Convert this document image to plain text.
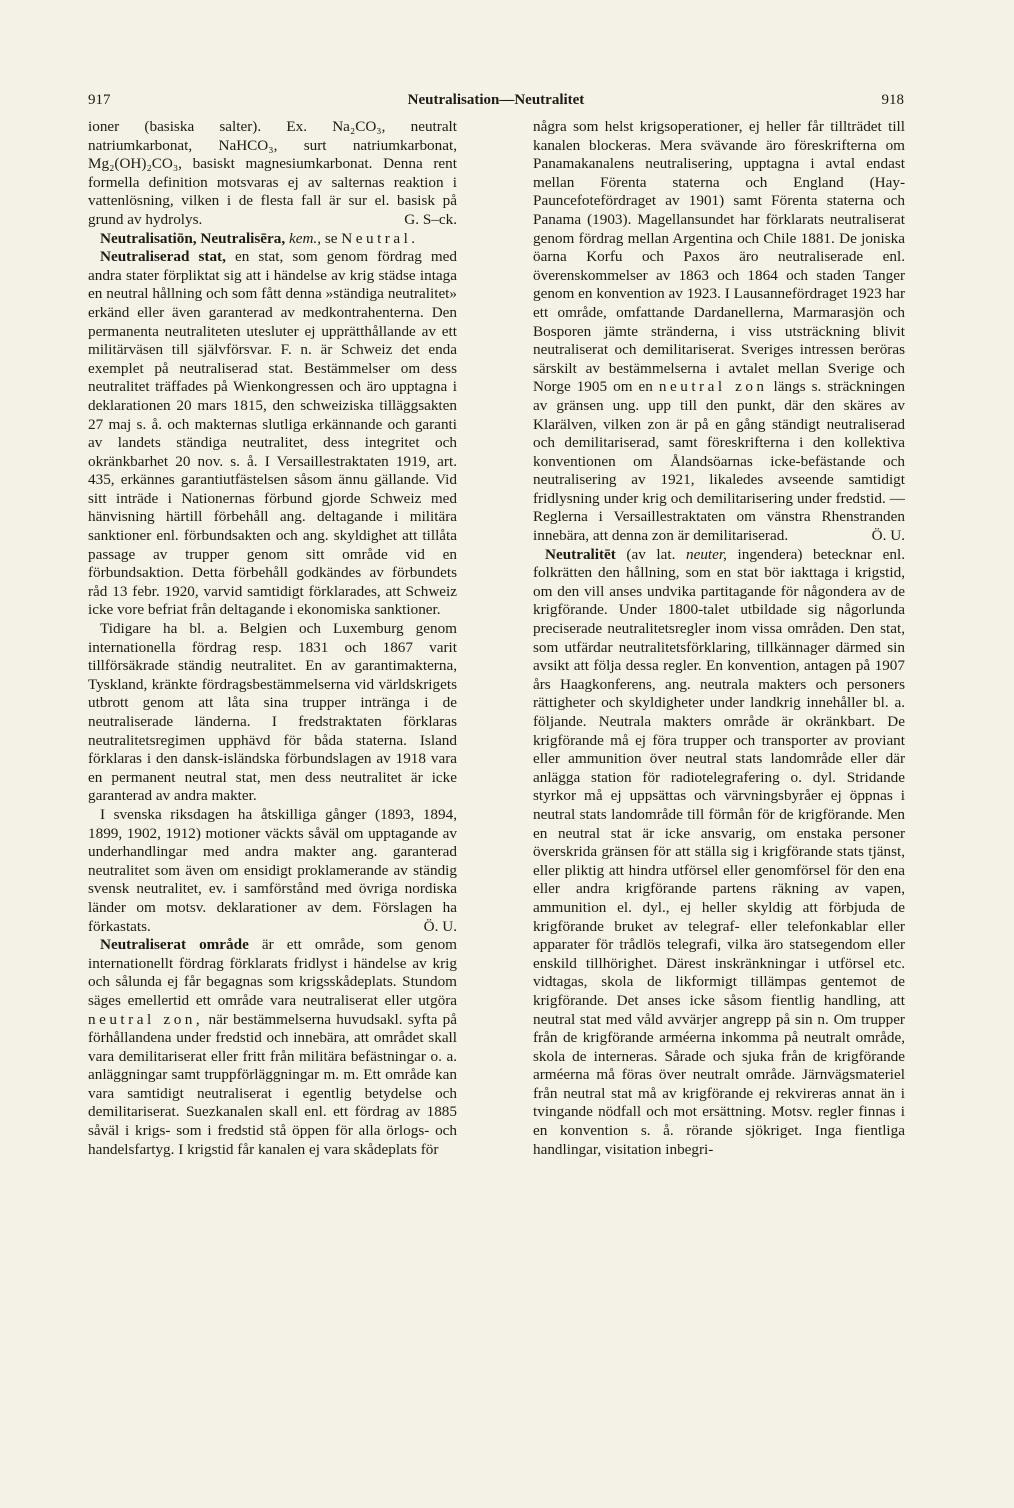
917	Neutralisation—Neutralitet	918

ioner (basiska salter). Ex. Na₂CO₃, neutralt natriumkarbonat, NaHCO₃, surt natriumkarbonat, Mg₂(OH)₂CO₃, basiskt magnesiumkarbonat. Denna rent formella definition motsvaras ej av salternas reaktion i vattenlösning, vilken i de flesta fall är sur el. basisk på grund av hydrolys.	G. S–ck.

Neutralisatiōn, Neutralisēra, kem., se Neutral.

Neutraliserad stat, en stat, som genom fördrag med andra stater förpliktat sig att i händelse av krig städse intaga en neutral hållning och som fått denna »ständiga neutralitet» erkänd eller även garanterad av medkontrahenterna. Den permanenta neutraliteten utesluter ej upprätthållande av ett militärväsen till självförsvar. F. n. är Schweiz det enda exemplet på neutraliserad stat. Bestämmelser om dess neutralitet träffades på Wienkongressen och äro upptagna i deklarationen 20 mars 1815, den schweiziska tilläggsakten 27 maj s. å. och makternas slutliga erkännande och garanti av landets ständiga neutralitet, dess integritet och okränkbarhet 20 nov. s. å. I Versaillestraktaten 1919, art. 435, erkännes garantiutfästelsen såsom ännu gällande. Vid sitt inträde i Nationernas förbund gjorde Schweiz med hänvisning härtill förbehåll ang. deltagande i militära sanktioner enl. förbundsakten och ang. skyldighet att tillåta passage av trupper genom sitt område vid en förbundsaktion. Detta förbehåll godkändes av förbundets råd 13 febr. 1920, varvid samtidigt förklarades, att Schweiz icke vore befriat från deltagande i ekonomiska sanktioner.

Tidigare ha bl. a. Belgien och Luxemburg genom internationella fördrag resp. 1831 och 1867 varit tillförsäkrade ständig neutralitet. En av garantimakterna, Tyskland, kränkte fördragsbestämmelserna vid världskrigets utbrott genom att låta sina trupper intränga i de neutraliserade länderna. I fredstraktaten förklaras neutralitetsregimen upphävd för båda staterna. Island förklaras i den dansk-isländska förbundslagen av 1918 vara en permanent neutral stat, men dess neutralitet är icke garanterad av andra makter.

I svenska riksdagen ha åtskilliga gånger (1893, 1894, 1899, 1902, 1912) motioner väckts såväl om upptagande av underhandlingar med andra makter ang. garanterad neutralitet som även om ensidigt proklamerande av ständig svensk neutralitet, ev. i samförstånd med övriga nordiska länder om motsv. deklarationer av dem. Förslagen ha förkastats.	Ö. U.

Neutraliserat område är ett område, som genom internationellt fördrag förklarats fridlyst i händelse av krig och sålunda ej får begagnas som krigsskådeplats. Stundom säges emellertid ett område vara neutraliserat eller utgöra neutral zon, när bestämmelserna huvudsakl. syfta på förhållandena under fredstid och innebära, att området skall vara demilitariserat eller fritt från militära befästningar o. a. anläggningar samt truppförläggningar m. m. Ett område kan vara samtidigt neutraliserat i egentlig betydelse och demilitariserat. Suezkanalen skall enl. ett fördrag av 1885 såväl i krigs- som i fredstid stå öppen för alla örlogs- och handelsfartyg. I krigstid får kanalen ej vara skådeplats för

några som helst krigsoperationer, ej heller får tillträdet till kanalen blockeras. Mera svävande äro föreskrifterna om Panamakanalens neutralisering, upptagna i avtal endast mellan Förenta staterna och England (Hay-Pauncefotefördraget av 1901) samt Förenta staterna och Panama (1903). Magellansundet har förklarats neutraliserat genom fördrag mellan Argentina och Chile 1881. De joniska öarna Korfu och Paxos äro neutraliserade enl. överenskommelser av 1863 och 1864 och staden Tanger genom en konvention av 1923. I Lausannefördraget 1923 har ett område, omfattande Dardanellerna, Marmarasjön och Bosporen jämte stränderna, i viss utsträckning blivit neutraliserat och demilitariserat. Sveriges intressen beröras särskilt av bestämmelserna i avtalet mellan Sverige och Norge 1905 om en neutral zon längs s. sträckningen av gränsen ung. upp till den punkt, där den skäres av Klarälven, vilken zon är på en gång ständigt neutraliserad och demilitariserad, samt föreskrifterna i den kollektiva konventionen om Ålandsöarnas icke-befästande och neutralisering av 1921, likaledes avseende samtidigt fridlysning under krig och demilitarisering under fredstid. — Reglerna i Versaillestraktaten om vänstra Rhenstranden innebära, att denna zon är demilitariserad.	Ö. U.

Neutralitēt (av lat. neuter, ingendera) betecknar enl. folkrätten den hållning, som en stat bör iakttaga i krigstid, om den vill anses undvika partitagande för någondera av de krigförande. Under 1800-talet utbildade sig någorlunda preciserade neutralitetsregler inom vissa områden. Den stat, som utfärdar neutralitetsförklaring, tillkännager därmed sin avsikt att följa dessa regler. En konvention, antagen på 1907 års Haagkonferens, ang. neutrala makters och personers rättigheter och skyldigheter under landkrig innehåller bl. a. följande. Neutrala makters område är okränkbart. De krigförande må ej föra trupper och transporter av proviant eller ammunition över neutral stats landområde eller där anlägga station för radiotelegrafering o. dyl. Stridande styrkor må ej uppsättas och värvningsbyråer ej öppnas i neutral stats landområde till förmån för de krigförande. Men en neutral stat är icke ansvarig, om enstaka personer överskrida gränsen för att ställa sig i krigförande stats tjänst, eller pliktig att hindra utförsel eller genomförsel för den ena eller andra krigförande partens räkning av vapen, ammunition el. dyl., ej heller skyldig att förbjuda de krigförande bruket av telegraf- eller telefonkablar eller apparater för trådlös telegrafi, vilka äro statsegendom eller enskild tillhörighet. Därest inskränkningar i utförsel etc. vidtagas, skola de likformigt tillämpas gentemot de krigförande. Det anses icke såsom fientlig handling, att neutral stat med våld avvärjer angrepp på sin n. Om trupper från de krigförande arméerna inkomma på neutralt område, skola de interneras. Sårade och sjuka från de krigförande arméerna må föras över neutralt område. Järnvägsmateriel från neutral stat må av krigförande ej rekvireras annat än i tvingande nödfall och mot ersättning. Motsv. regler finnas i en konvention s. å. rörande sjökriget. Inga fientliga handlingar, visitation inbegri-
